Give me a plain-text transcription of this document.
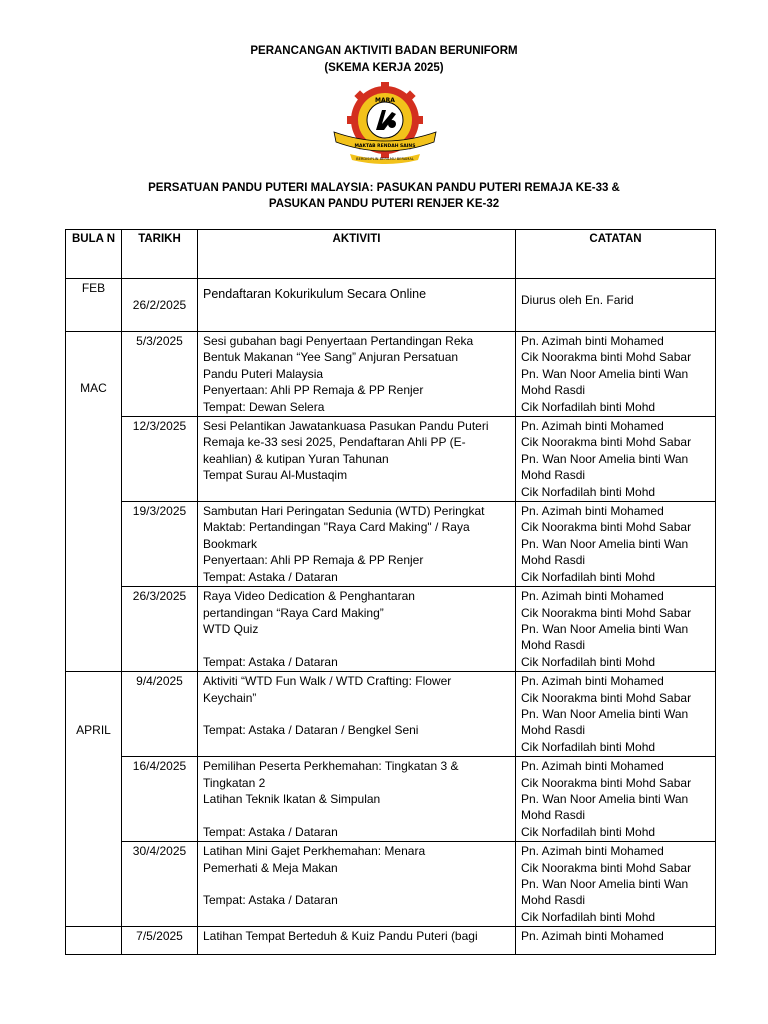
PERANCANGAN AKTIVITI BADAN BERUNIFORM
(SKEMA KERJA 2025)
MARA
MAKTAB RENDAH SAINS
BERDISIPLIN BERILMU BERAMAL
PERSATUAN PANDU PUTERI MALAYSIA: PASUKAN PANDU PUTERI REMAJA KE-33 &
PASUKAN PANDU PUTERI RENJER KE-32
BULA N	TARIKH	AKTIVITI	CATATAN
FEB	26/2/2025	Pendaftaran Kokurikulum Secara Online	Diurus oleh En. Farid

MAC	5/3/2025	Sesi gubahan bagi Penyertaan Pertandingan Reka
Bentuk Makanan “Yee Sang” Anjuran Persatuan
Pandu Puteri Malaysia
Penyertaan: Ahli PP Remaja & PP Renjer
Tempat: Dewan Selera	Pn. Azimah binti Mohamed
Cik Noorakma binti Mohd Sabar
Pn. Wan Noor Amelia binti Wan
Mohd Rasdi
Cik Norfadilah binti Mohd

	12/3/2025	Sesi Pelantikan Jawatankuasa Pasukan Pandu Puteri
Remaja ke-33 sesi 2025, Pendaftaran Ahli PP (E-
keahlian) & kutipan Yuran Tahunan
Tempat Surau Al-Mustaqim	Pn. Azimah binti Mohamed
Cik Noorakma binti Mohd Sabar
Pn. Wan Noor Amelia binti Wan
Mohd Rasdi
Cik Norfadilah binti Mohd

	19/3/2025	Sambutan Hari Peringatan Sedunia (WTD) Peringkat
Maktab: Pertandingan "Raya Card Making" / Raya
Bookmark
Penyertaan: Ahli PP Remaja & PP Renjer
Tempat: Astaka / Dataran	Pn. Azimah binti Mohamed
Cik Noorakma binti Mohd Sabar
Pn. Wan Noor Amelia binti Wan
Mohd Rasdi
Cik Norfadilah binti Mohd

	26/3/2025	Raya Video Dedication & Penghantaran
pertandingan “Raya Card Making”
WTD Quiz
Tempat: Astaka / Dataran	Pn. Azimah binti Mohamed
Cik Noorakma binti Mohd Sabar
Pn. Wan Noor Amelia binti Wan
Mohd Rasdi
Cik Norfadilah binti Mohd

APRIL	9/4/2025	Aktiviti “WTD Fun Walk / WTD Crafting: Flower
Keychain”
Tempat: Astaka / Dataran / Bengkel Seni	Pn. Azimah binti Mohamed
Cik Noorakma binti Mohd Sabar
Pn. Wan Noor Amelia binti Wan
Mohd Rasdi
Cik Norfadilah binti Mohd

	16/4/2025	Pemilihan Peserta Perkhemahan: Tingkatan 3 &
Tingkatan 2
Latihan Teknik Ikatan & Simpulan
Tempat: Astaka / Dataran	Pn. Azimah binti Mohamed
Cik Noorakma binti Mohd Sabar
Pn. Wan Noor Amelia binti Wan
Mohd Rasdi
Cik Norfadilah binti Mohd

	30/4/2025	Latihan Mini Gajet Perkhemahan: Menara
Pemerhati & Meja Makan
Tempat: Astaka / Dataran	Pn. Azimah binti Mohamed
Cik Noorakma binti Mohd Sabar
Pn. Wan Noor Amelia binti Wan
Mohd Rasdi
Cik Norfadilah binti Mohd

	7/5/2025	Latihan Tempat Berteduh & Kuiz Pandu Puteri (bagi	Pn. Azimah binti Mohamed
